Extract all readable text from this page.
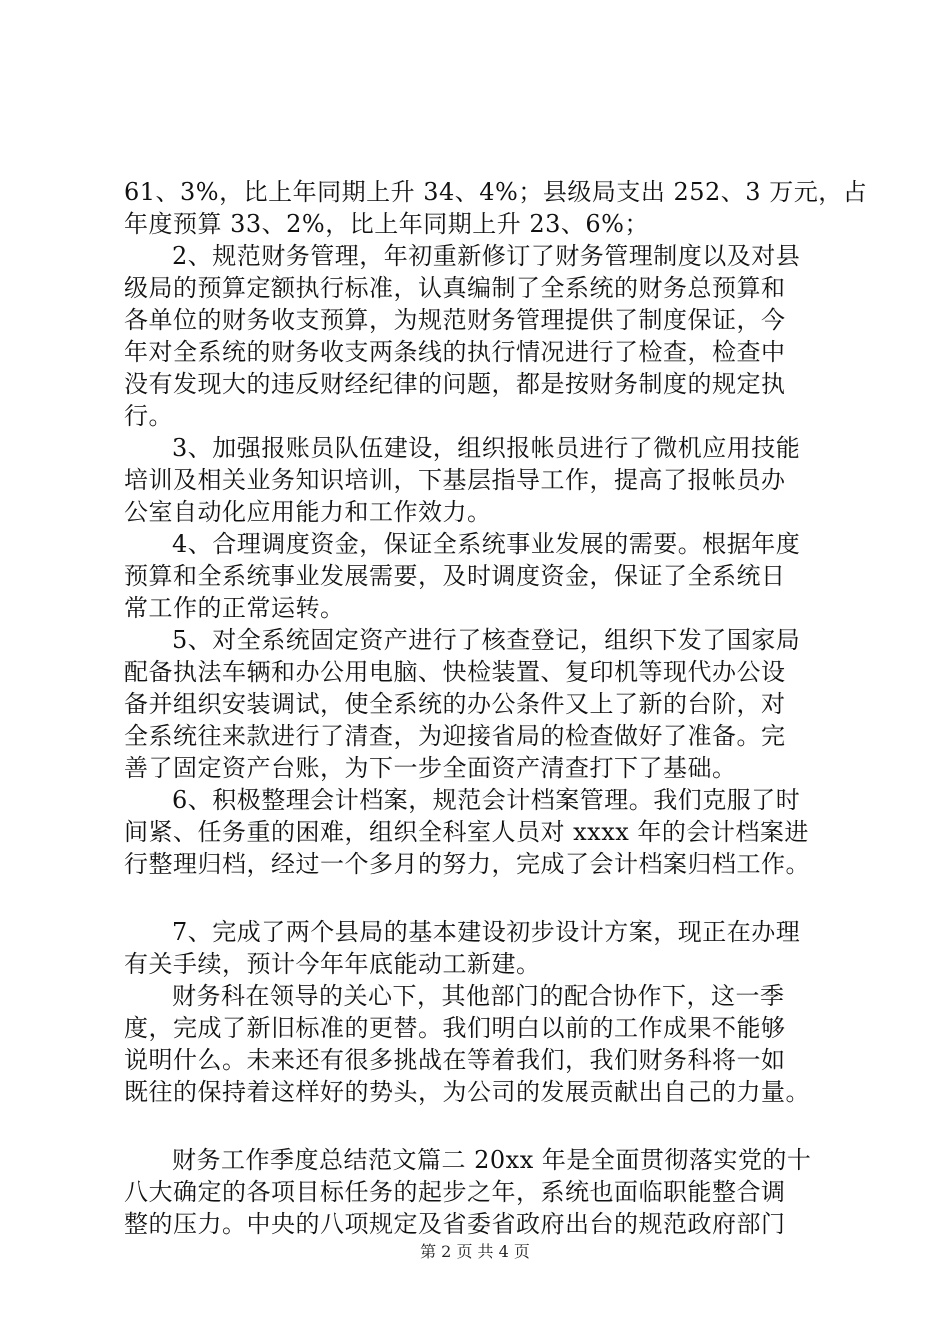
61、3%，比上年同期上升 34、4%；县级局支出 252、3 万元，占
年度预算 33、2%，比上年同期上升 23、6%；
2、规范财务管理，年初重新修订了财务管理制度以及对县
级局的预算定额执行标准，认真编制了全系统的财务总预算和
各单位的财务收支预算，为规范财务管理提供了制度保证，今
年对全系统的财务收支两条线的执行情况进行了检查，检查中
没有发现大的违反财经纪律的问题，都是按财务制度的规定执
行。
3、加强报账员队伍建设，组织报帐员进行了微机应用技能
培训及相关业务知识培训，下基层指导工作，提高了报帐员办
公室自动化应用能力和工作效力。
4、合理调度资金，保证全系统事业发展的需要。根据年度
预算和全系统事业发展需要，及时调度资金，保证了全系统日
常工作的正常运转。
5、对全系统固定资产进行了核查登记，组织下发了国家局
配备执法车辆和办公用电脑、快检装置、复印机等现代办公设
备并组织安装调试，使全系统的办公条件又上了新的台阶，对
全系统往来款进行了清查，为迎接省局的检查做好了准备。完
善了固定资产台账，为下一步全面资产清查打下了基础。
6、积极整理会计档案，规范会计档案管理。我们克服了时
间紧、任务重的困难，组织全科室人员对 xxxx 年的会计档案进
行整理归档，经过一个多月的努力，完成了会计档案归档工作。
7、完成了两个县局的基本建设初步设计方案，现正在办理
有关手续，预计今年年底能动工新建。
财务科在领导的关心下，其他部门的配合协作下，这一季
度，完成了新旧标准的更替。我们明白以前的工作成果不能够
说明什么。未来还有很多挑战在等着我们，我们财务科将一如
既往的保持着这样好的势头，为公司的发展贡献出自己的力量。
财务工作季度总结范文篇二 20xx 年是全面贯彻落实党的十
八大确定的各项目标任务的起步之年，系统也面临职能整合调
整的压力。中央的八项规定及省委省政府出台的规范政府部门
第 2 页 共 4 页
